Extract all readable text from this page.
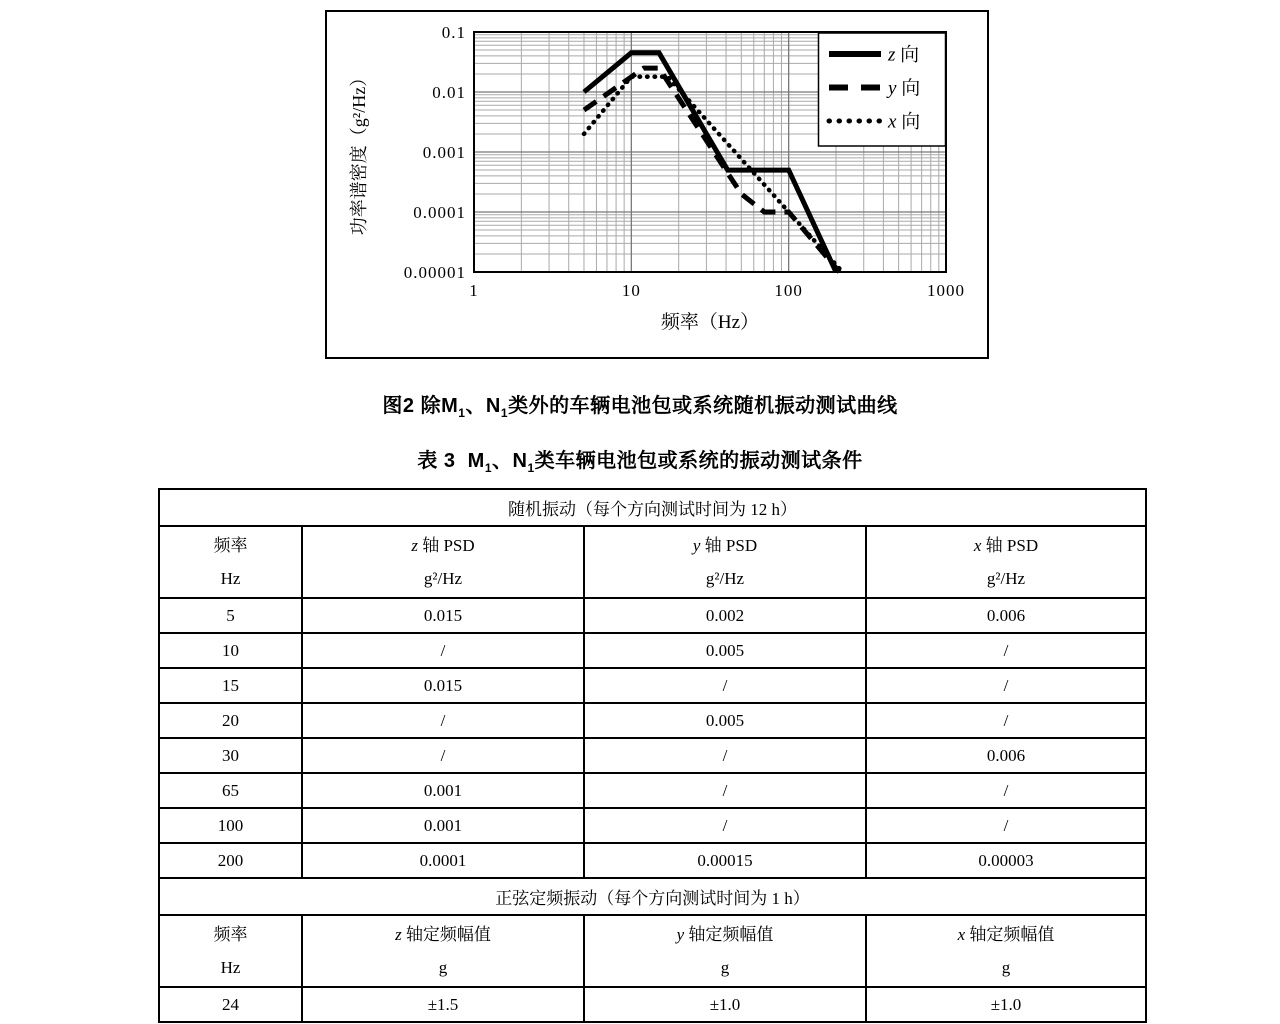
1	10	100	1000
0.1
0.01
0.001
0.0001
0.00001
频率（Hz）
功率谱密度（g²/Hz）
z 向
y 向
x 向
图2 除$M_1$、$N_1$类外的车辆电池包或系统随机振动测试曲线
表 3  $M_1$、$N_1$类车辆电池包或系统的振动测试条件
随机振动（每个方向测试时间为 12 h）			

频率
Hz

z 轴 PSD
g²/Hz

y 轴 PSD
g²/Hz

x 轴 PSD
g²/Hz

5	0.015	0.002	0.006
10	/	0.005	/
15	0.015	/	/
20	/	0.005	/
30	/	/	0.006
65	0.001	/	/
100	0.001	/	/
200	0.0001	0.00015	0.00003
正弦定频振动（每个方向测试时间为 1 h）			

频率
Hz

z 轴定频幅值
g

y 轴定频幅值
g

x 轴定频幅值
g

24	±1.5	±1.0	±1.0
